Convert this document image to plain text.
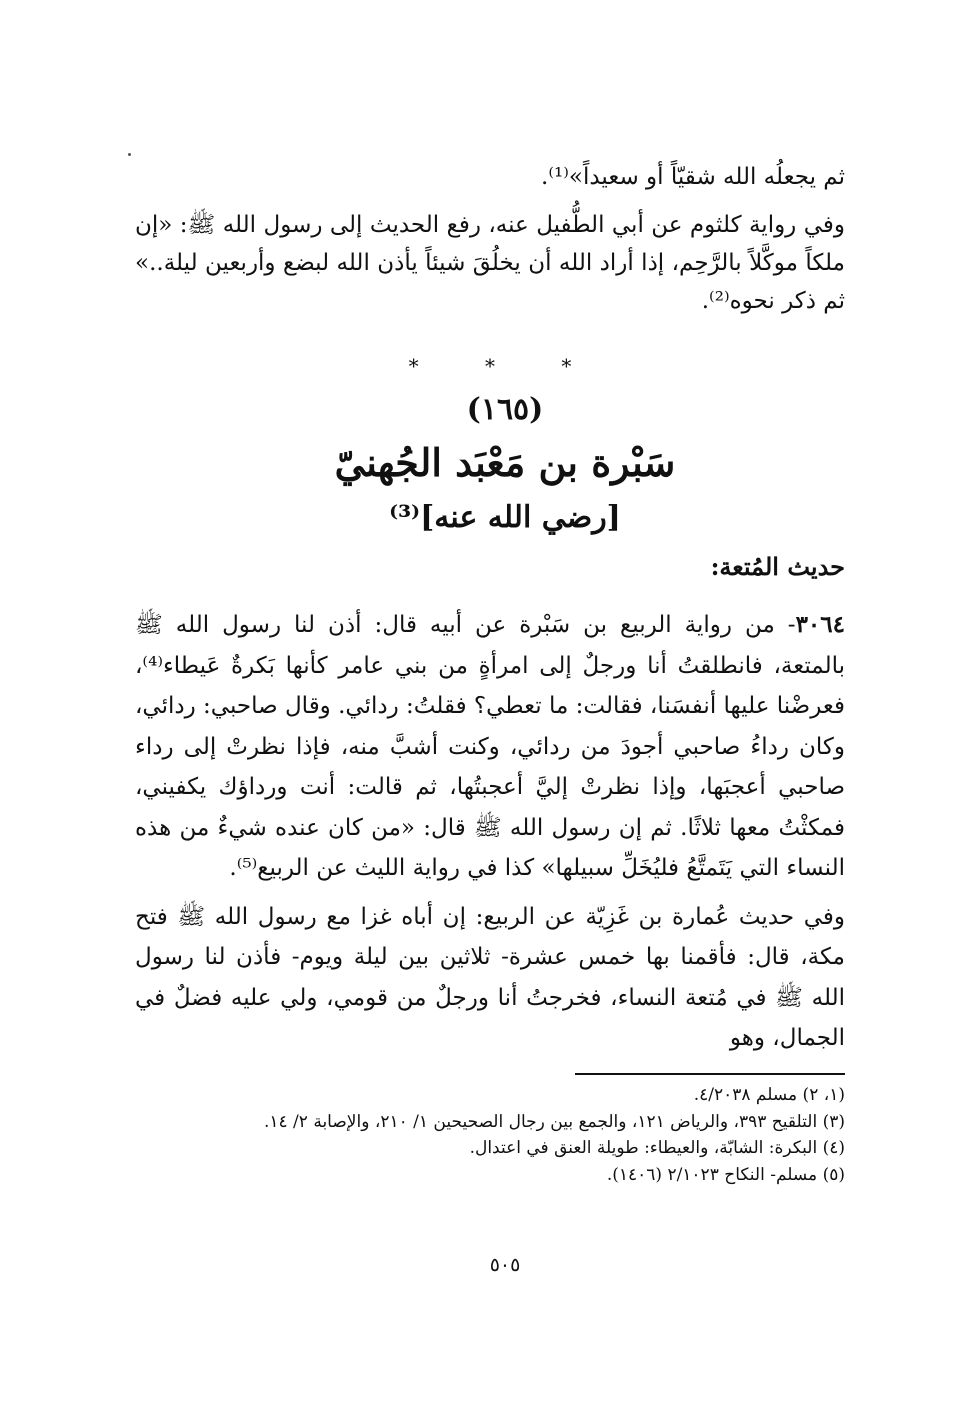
ثم يجعلُه الله شقيّاً أو سعيداً»⁽¹⁾.

وفي رواية كلثوم عن أبي الطُّفيل عنه، رفع الحديث إلى رسول الله ﷺ: «إن ملكاً موكَّلاً بالرَّحِم، إذا أراد الله أن يخلُقَ شيئاً يأذن الله لبضع وأربعين ليلة..» ثم ذكر نحوه⁽²⁾.

* * *
(١٦٥)
سَبْرة بن مَعْبَد الجُهنيّ
[رضي الله عنه]⁽³⁾
حديث المُتعة:

٣٠٦٤- من رواية الربيع بن سَبْرة عن أبيه قال: أذن لنا رسول الله ﷺ بالمتعة، فانطلقتُ أنا ورجلٌ إلى امرأةٍ من بني عامر كأنها بَكرةٌ عَيطاء⁽⁴⁾، فعرضْنا عليها أنفسَنا، فقالت: ما تعطي؟ فقلتُ: ردائي. وقال صاحبي: ردائي، وكان رداءُ صاحبي أجودَ من ردائي، وكنت أشبَّ منه، فإذا نظرتْ إلى رداء صاحبي أعجبَها، وإذا نظرتْ إليَّ أعجبتُها، ثم قالت: أنت ورداؤك يكفيني، فمكثْتُ معها ثلاثًا. ثم إن رسول الله ﷺ قال: «من كان عنده شيءٌ من هذه النساء التي يَتَمتَّعُ فليُخَلِّ سبيلها» كذا في رواية الليث عن الربيع⁽⁵⁾.

وفي حديث عُمارة بن غَزِيّة عن الربيع: إن أباه غزا مع رسول الله ﷺ فتح مكة، قال: فأقمنا بها خمس عشرة- ثلاثين بين ليلة ويوم- فأذن لنا رسول الله ﷺ في مُتعة النساء، فخرجتُ أنا ورجلٌ من قومي، ولي عليه فضلٌ في الجمال، وهو

(١، ٢) مسلم ٤/٢٠٣٨.
(٣) التلقيح ٣٩٣، والرياض ١٢١، والجمع بين رجال الصحيحين ١/ ٢١٠، والإصابة ٢/ ١٤.
(٤) البكرة: الشابّة، والعيطاء: طويلة العنق في اعتدال.
(٥) مسلم- النكاح ٢/١٠٢٣ (١٤٠٦).
٥٠٥
